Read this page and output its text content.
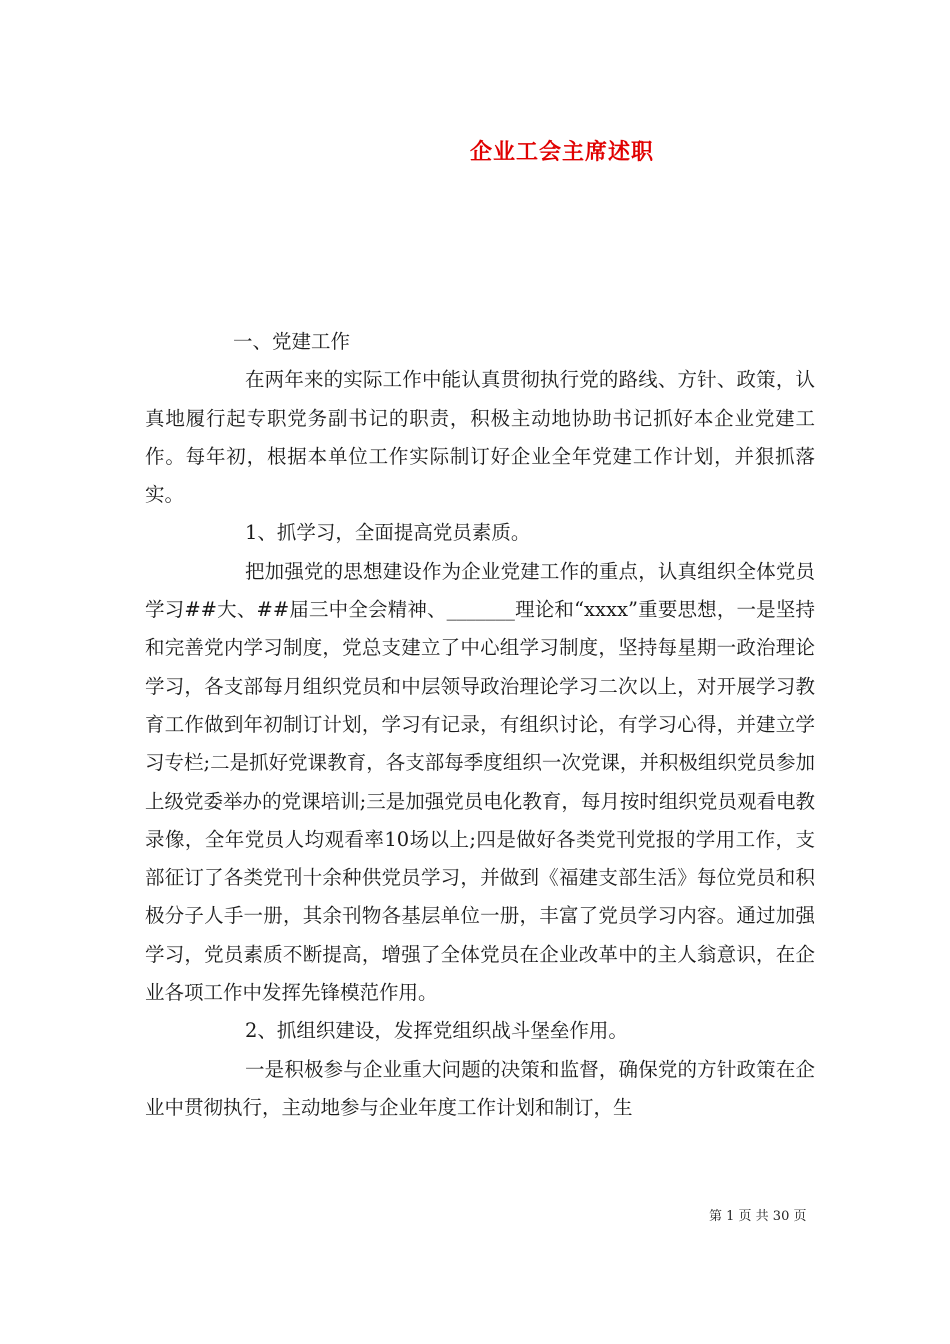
企业工会主席述职

一、党建工作

在两年来的实际工作中能认真贯彻执行党的路线、方针、政策，认真地履行起专职党务副书记的职责，积极主动地协助书记抓好本企业党建工作。每年初，根据本单位工作实际制订好企业全年党建工作计划，并狠抓落实。

1、抓学习，全面提高党员素质。

把加强党的思想建设作为企业党建工作的重点，认真组织全体党员学习##大、##届三中全会精神、_______理论和“xxxx”重要思想，一是坚持和完善党内学习制度，党总支建立了中心组学习制度，坚持每星期一政治理论学习，各支部每月组织党员和中层领导政治理论学习二次以上，对开展学习教育工作做到年初制订计划，学习有记录，有组织讨论，有学习心得，并建立学习专栏;二是抓好党课教育，各支部每季度组织一次党课，并积极组织党员参加上级党委举办的党课培训;三是加强党员电化教育，每月按时组织党员观看电教录像，全年党员人均观看率10场以上;四是做好各类党刊党报的学用工作，支部征订了各类党刊十余种供党员学习，并做到《福建支部生活》每位党员和积极分子人手一册，其余刊物各基层单位一册，丰富了党员学习内容。通过加强学习，党员素质不断提高，增强了全体党员在企业改革中的主人翁意识，在企业各项工作中发挥先锋模范作用。

2、抓组织建设，发挥党组织战斗堡垒作用。

一是积极参与企业重大问题的决策和监督，确保党的方针政策在企业中贯彻执行，主动地参与企业年度工作计划和制订，生

第 1 页 共 30 页
